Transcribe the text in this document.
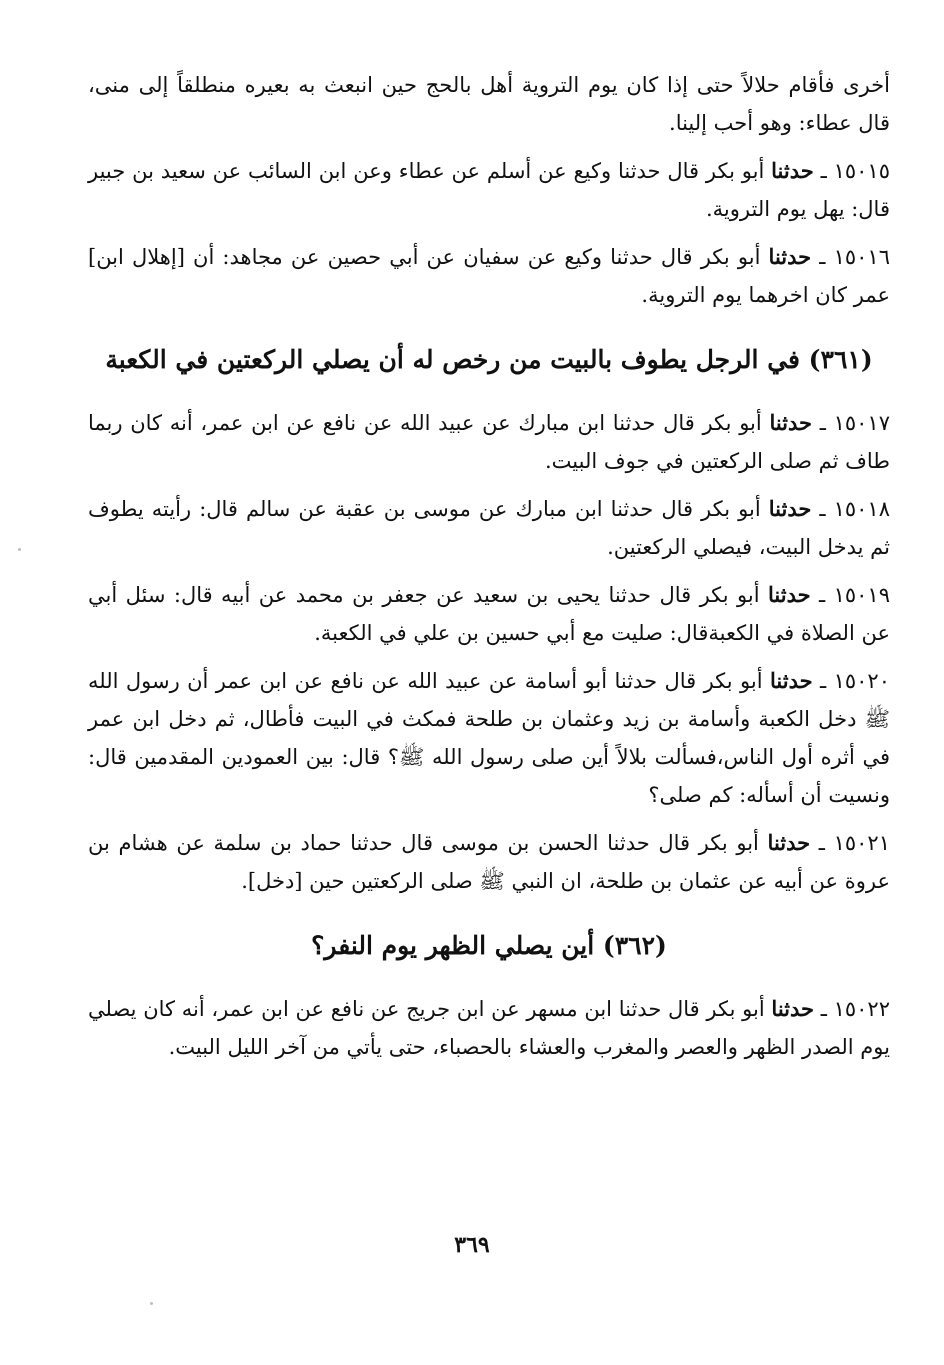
أخرى فأقام حلالاً حتى إذا كان يوم التروية أهل بالحج حين انبعث به بعيره منطلقاً إلى منى، قال عطاء: وهو أحب إلينا.

١٥٠١٥ ـ حدثنا أبو بكر قال حدثنا وكيع عن أسلم عن عطاء وعن ابن السائب عن سعيد بن جبير قال: يهل يوم التروية.

١٥٠١٦ ـ حدثنا أبو بكر قال حدثنا وكيع عن سفيان عن أبي حصين عن مجاهد: أن [إهلال ابن] عمر كان اخرهما يوم التروية.

(٣٦١) في الرجل يطوف بالبيت من رخص له أن يصلي الركعتين في الكعبة

١٥٠١٧ ـ حدثنا أبو بكر قال حدثنا ابن مبارك عن عبيد الله عن نافع عن ابن عمر، أنه كان ربما طاف ثم صلى الركعتين في جوف البيت.

١٥٠١٨ ـ حدثنا أبو بكر قال حدثنا ابن مبارك عن موسى بن عقبة عن سالم قال: رأيته يطوف ثم يدخل البيت، فيصلي الركعتين.

١٥٠١٩ ـ حدثنا أبو بكر قال حدثنا يحيى بن سعيد عن جعفر بن محمد عن أبيه قال: سئل أبي عن الصلاة في الكعبةقال: صليت مع أبي حسين بن علي في الكعبة.

١٥٠٢٠ ـ حدثنا أبو بكر قال حدثنا أبو أسامة عن عبيد الله عن نافع عن ابن عمر أن رسول الله ﷺ دخل الكعبة وأسامة بن زيد وعثمان بن طلحة فمكث في البيت فأطال، ثم دخل ابن عمر في أثره أول الناس،فسألت بلالاً أين صلى رسول الله ﷺ؟ قال: بين العمودين المقدمين قال: ونسيت أن أسأله: كم صلى؟

١٥٠٢١ ـ حدثنا أبو بكر قال حدثنا الحسن بن موسى قال حدثنا حماد بن سلمة عن هشام بن عروة عن أبيه عن عثمان بن طلحة، ان النبي ﷺ صلى الركعتين حين [دخل].

(٣٦٢) أين يصلي الظهر يوم النفر؟

١٥٠٢٢ ـ حدثنا أبو بكر قال حدثنا ابن مسهر عن ابن جريج عن نافع عن ابن عمر، أنه كان يصلي يوم الصدر الظهر والعصر والمغرب والعشاء بالحصباء، حتى يأتي من آخر الليل البيت.

٣٦٩
